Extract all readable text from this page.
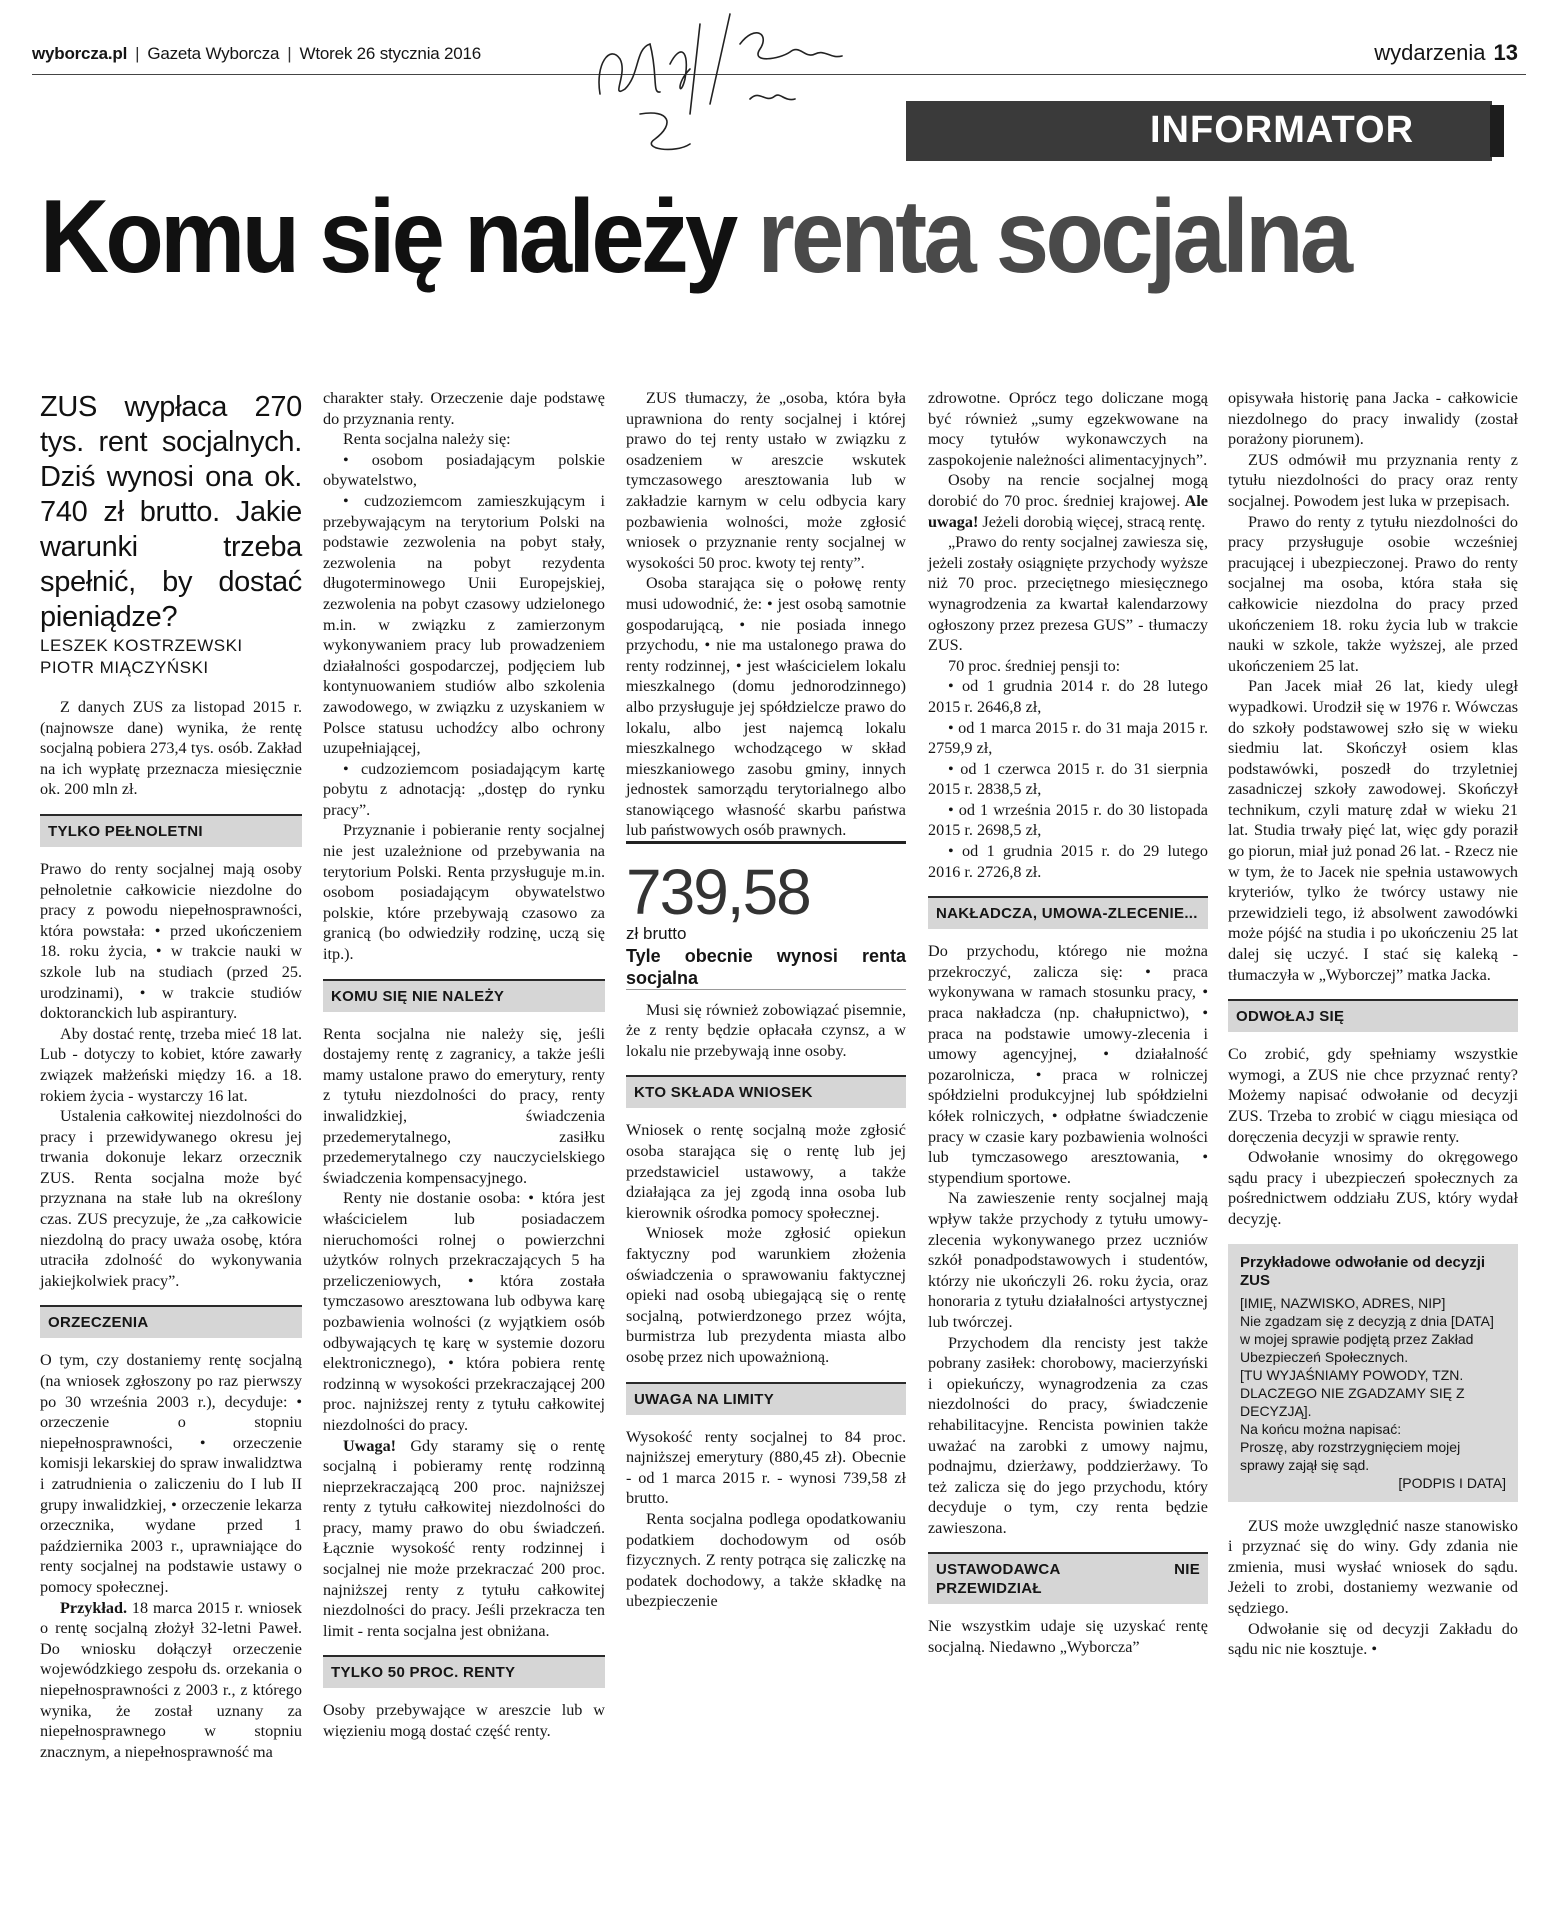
wyborcza.pl | Gazeta Wyborcza | Wtorek 26 stycznia 2016	wydarzenia 13
INFORMATOR
Komu się należy renta socjalna

ZUS wypłaca 270 tys. rent socjalnych. Dziś wynosi ona ok. 740 zł brutto. Jakie warunki trzeba spełnić, by dostać pieniądze?

LESZEK KOSTRZEWSKI
PIOTR MIĄCZYŃSKI

Z danych ZUS za listopad 2015 r. (najnowsze dane) wynika, że rentę socjalną pobiera 273,4 tys. osób. Zakład na ich wypłatę przeznacza miesięcznie ok. 200 mln zł.

TYLKO PEŁNOLETNI

Prawo do renty socjalnej mają osoby pełnoletnie całkowicie niezdolne do pracy z powodu niepełnosprawności, która powstała: • przed ukończeniem 18. roku życia, • w trakcie nauki w szkole lub na studiach (przed 25. urodzinami), • w trakcie studiów doktoranckich lub aspirantury.

Aby dostać rentę, trzeba mieć 18 lat. Lub - dotyczy to kobiet, które zawarły związek małżeński między 16. a 18. rokiem życia - wystarczy 16 lat.

Ustalenia całkowitej niezdolności do pracy i przewidywanego okresu jej trwania dokonuje lekarz orzecznik ZUS. Renta socjalna może być przyznana na stałe lub na określony czas. ZUS precyzuje, że „za całkowicie niezdolną do pracy uważa osobę, która utraciła zdolność do wykonywania jakiejkolwiek pracy”.

ORZECZENIA

O tym, czy dostaniemy rentę socjalną (na wniosek zgłoszony po raz pierwszy po 30 września 2003 r.), decyduje: • orzeczenie o stopniu niepełnosprawności, • orzeczenie komisji lekarskiej do spraw inwalidztwa i zatrudnienia o zaliczeniu do I lub II grupy inwalidzkiej, • orzeczenie lekarza orzecznika, wydane przed 1 października 2003 r., uprawniające do renty socjalnej na podstawie ustawy o pomocy społecznej.

Przykład. 18 marca 2015 r. wniosek o rentę socjalną złożył 32-letni Paweł. Do wniosku dołączył orzeczenie wojewódzkiego zespołu ds. orzekania o niepełnosprawności z 2003 r., z którego wynika, że został uznany za niepełnosprawnego w stopniu znacznym, a niepełnosprawność ma

charakter stały. Orzeczenie daje podstawę do przyznania renty.

Renta socjalna należy się:

• osobom posiadającym polskie obywatelstwo,

• cudzoziemcom zamieszkującym i przebywającym na terytorium Polski na podstawie zezwolenia na pobyt stały, zezwolenia na pobyt rezydenta długoterminowego Unii Europejskiej, zezwolenia na pobyt czasowy udzielonego m.in. w związku z zamierzonym wykonywaniem pracy lub prowadzeniem działalności gospodarczej, podjęciem lub kontynuowaniem studiów albo szkolenia zawodowego, w związku z uzyskaniem w Polsce statusu uchodźcy albo ochrony uzupełniającej,

• cudzoziemcom posiadającym kartę pobytu z adnotacją: „dostęp do rynku pracy”.

Przyznanie i pobieranie renty socjalnej nie jest uzależnione od przebywania na terytorium Polski. Renta przysługuje m.in. osobom posiadającym obywatelstwo polskie, które przebywają czasowo za granicą (bo odwiedziły rodzinę, uczą się itp.).

KOMU SIĘ NIE NALEŻY

Renta socjalna nie należy się, jeśli dostajemy rentę z zagranicy, a także jeśli mamy ustalone prawo do emerytury, renty z tytułu niezdolności do pracy, renty inwalidzkiej, świadczenia przedemerytalnego, zasiłku przedemerytalnego czy nauczycielskiego świadczenia kompensacyjnego.

Renty nie dostanie osoba: • która jest właścicielem lub posiadaczem nieruchomości rolnej o powierzchni użytków rolnych przekraczających 5 ha przeliczeniowych, • która została tymczasowo aresztowana lub odbywa karę pozbawienia wolności (z wyjątkiem osób odbywających tę karę w systemie dozoru elektronicznego), • która pobiera rentę rodzinną w wysokości przekraczającej 200 proc. najniższej renty z tytułu całkowitej niezdolności do pracy.

Uwaga! Gdy staramy się o rentę socjalną i pobieramy rentę rodzinną nieprzekraczającą 200 proc. najniższej renty z tytułu całkowitej niezdolności do pracy, mamy prawo do obu świadczeń. Łącznie wysokość renty rodzinnej i socjalnej nie może przekraczać 200 proc. najniższej renty z tytułu całkowitej niezdolności do pracy. Jeśli przekracza ten limit - renta socjalna jest obniżana.

TYLKO 50 PROC. RENTY

Osoby przebywające w areszcie lub w więzieniu mogą dostać część renty.

ZUS tłumaczy, że „osoba, która była uprawniona do renty socjalnej i której prawo do tej renty ustało w związku z osadzeniem w areszcie wskutek tymczasowego aresztowania lub w zakładzie karnym w celu odbycia kary pozbawienia wolności, może zgłosić wniosek o przyznanie renty socjalnej w wysokości 50 proc. kwoty tej renty”.

Osoba starająca się o połowę renty musi udowodnić, że: • jest osobą samotnie gospodarującą, • nie posiada innego przychodu, • nie ma ustalonego prawa do renty rodzinnej, • jest właścicielem lokalu mieszkalnego (domu jednorodzinnego) albo przysługuje jej spółdzielcze prawo do lokalu, albo jest najemcą lokalu mieszkalnego wchodzącego w skład mieszkaniowego zasobu gminy, innych jednostek samorządu terytorialnego albo stanowiącego własność skarbu państwa lub państwowych osób prawnych.

739,58

zł brutto

Tyle obecnie wynosi renta socjalna

Musi się również zobowiązać pisemnie, że z renty będzie opłacała czynsz, a w lokalu nie przebywają inne osoby.

KTO SKŁADA WNIOSEK

Wniosek o rentę socjalną może zgłosić osoba starająca się o rentę lub jej przedstawiciel ustawowy, a także działająca za jej zgodą inna osoba lub kierownik ośrodka pomocy społecznej.

Wniosek może zgłosić opiekun faktyczny pod warunkiem złożenia oświadczenia o sprawowaniu faktycznej opieki nad osobą ubiegającą się o rentę socjalną, potwierdzonego przez wójta, burmistrza lub prezydenta miasta albo osobę przez nich upoważnioną.

UWAGA NA LIMITY

Wysokość renty socjalnej to 84 proc. najniższej emerytury (880,45 zł). Obecnie - od 1 marca 2015 r. - wynosi 739,58 zł brutto.

Renta socjalna podlega opodatkowaniu podatkiem dochodowym od osób fizycznych. Z renty potrąca się zaliczkę na podatek dochodowy, a także składkę na ubezpieczenie

zdrowotne. Oprócz tego doliczane mogą być również „sumy egzekwowane na mocy tytułów wykonawczych na zaspokojenie należności alimentacyjnych”.

Osoby na rencie socjalnej mogą dorobić do 70 proc. średniej krajowej. Ale uwaga! Jeżeli dorobią więcej, stracą rentę.

„Prawo do renty socjalnej zawiesza się, jeżeli zostały osiągnięte przychody wyższe niż 70 proc. przeciętnego miesięcznego wynagrodzenia za kwartał kalendarzowy ogłoszony przez prezesa GUS” - tłumaczy ZUS.

70 proc. średniej pensji to:

• od 1 grudnia 2014 r. do 28 lutego 2015 r. 2646,8 zł,

• od 1 marca 2015 r. do 31 maja 2015 r. 2759,9 zł,

• od 1 czerwca 2015 r. do 31 sierpnia 2015 r. 2838,5 zł,

• od 1 września 2015 r. do 30 listopada 2015 r. 2698,5 zł,

• od 1 grudnia 2015 r. do 29 lutego 2016 r. 2726,8 zł.

NAKŁADCZA, UMOWA-ZLECENIE...

Do przychodu, którego nie można przekroczyć, zalicza się: • praca wykonywana w ramach stosunku pracy, • praca nakładcza (np. chałupnictwo), • praca na podstawie umowy-zlecenia i umowy agencyjnej, • działalność pozarolnicza, • praca w rolniczej spółdzielni produkcyjnej lub spółdzielni kółek rolniczych, • odpłatne świadczenie pracy w czasie kary pozbawienia wolności lub tymczasowego aresztowania, • stypendium sportowe.

Na zawieszenie renty socjalnej mają wpływ także przychody z tytułu umowy-zlecenia wykonywanego przez uczniów szkół ponadpodstawowych i studentów, którzy nie ukończyli 26. roku życia, oraz honoraria z tytułu działalności artystycznej lub twórczej.

Przychodem dla rencisty jest także pobrany zasiłek: chorobowy, macierzyński i opiekuńczy, wynagrodzenia za czas niezdolności do pracy, świadczenie rehabilitacyjne. Rencista powinien także uważać na zarobki z umowy najmu, podnajmu, dzierżawy, poddzierżawy. To też zalicza się do jego przychodu, który decyduje o tym, czy renta będzie zawieszona.

USTAWODAWCA NIE PRZEWIDZIAŁ

Nie wszystkim udaje się uzyskać rentę socjalną. Niedawno „Wyborcza”

opisywała historię pana Jacka - całkowicie niezdolnego do pracy inwalidy (został porażony piorunem).

ZUS odmówił mu przyznania renty z tytułu niezdolności do pracy oraz renty socjalnej. Powodem jest luka w przepisach.

Prawo do renty z tytułu niezdolności do pracy przysługuje osobie wcześniej pracującej i ubezpieczonej. Prawo do renty socjalnej ma osoba, która stała się całkowicie niezdolna do pracy przed ukończeniem 18. roku życia lub w trakcie nauki w szkole, także wyższej, ale przed ukończeniem 25 lat.

Pan Jacek miał 26 lat, kiedy uległ wypadkowi. Urodził się w 1976 r. Wówczas do szkoły podstawowej szło się w wieku siedmiu lat. Skończył osiem klas podstawówki, poszedł do trzyletniej zasadniczej szkoły zawodowej. Skończył technikum, czyli maturę zdał w wieku 21 lat. Studia trwały pięć lat, więc gdy poraził go piorun, miał już ponad 26 lat. - Rzecz nie w tym, że to Jacek nie spełnia ustawowych kryteriów, tylko że twórcy ustawy nie przewidzieli tego, iż absolwent zawodówki może pójść na studia i po ukończeniu 25 lat dalej się uczyć. I stać się kaleką - tłumaczyła w „Wyborczej” matka Jacka.

ODWOŁAJ SIĘ

Co zrobić, gdy spełniamy wszystkie wymogi, a ZUS nie chce przyznać renty? Możemy napisać odwołanie od decyzji ZUS. Trzeba to zrobić w ciągu miesiąca od doręczenia decyzji w sprawie renty.

Odwołanie wnosimy do okręgowego sądu pracy i ubezpieczeń społecznych za pośrednictwem oddziału ZUS, który wydał decyzję.

Przykładowe odwołanie od decyzji ZUS

[IMIĘ, NAZWISKO, ADRES, NIP]

Nie zgadzam się z decyzją z dnia [DATA] w mojej sprawie podjętą przez Zakład Ubezpieczeń Społecznych.

[TU WYJAŚNIAMY POWODY, TZN. DLACZEGO NIE ZGADZAMY SIĘ Z DECYZJĄ].

Na końcu można napisać:

Proszę, aby rozstrzygnięciem mojej sprawy zajął się sąd.

[PODPIS I DATA]

ZUS może uwzględnić nasze stanowisko i przyznać się do winy. Gdy zdania nie zmienia, musi wysłać wniosek do sądu. Jeżeli to zrobi, dostaniemy wezwanie od sędziego.

Odwołanie się od decyzji Zakładu do sądu nic nie kosztuje. •
